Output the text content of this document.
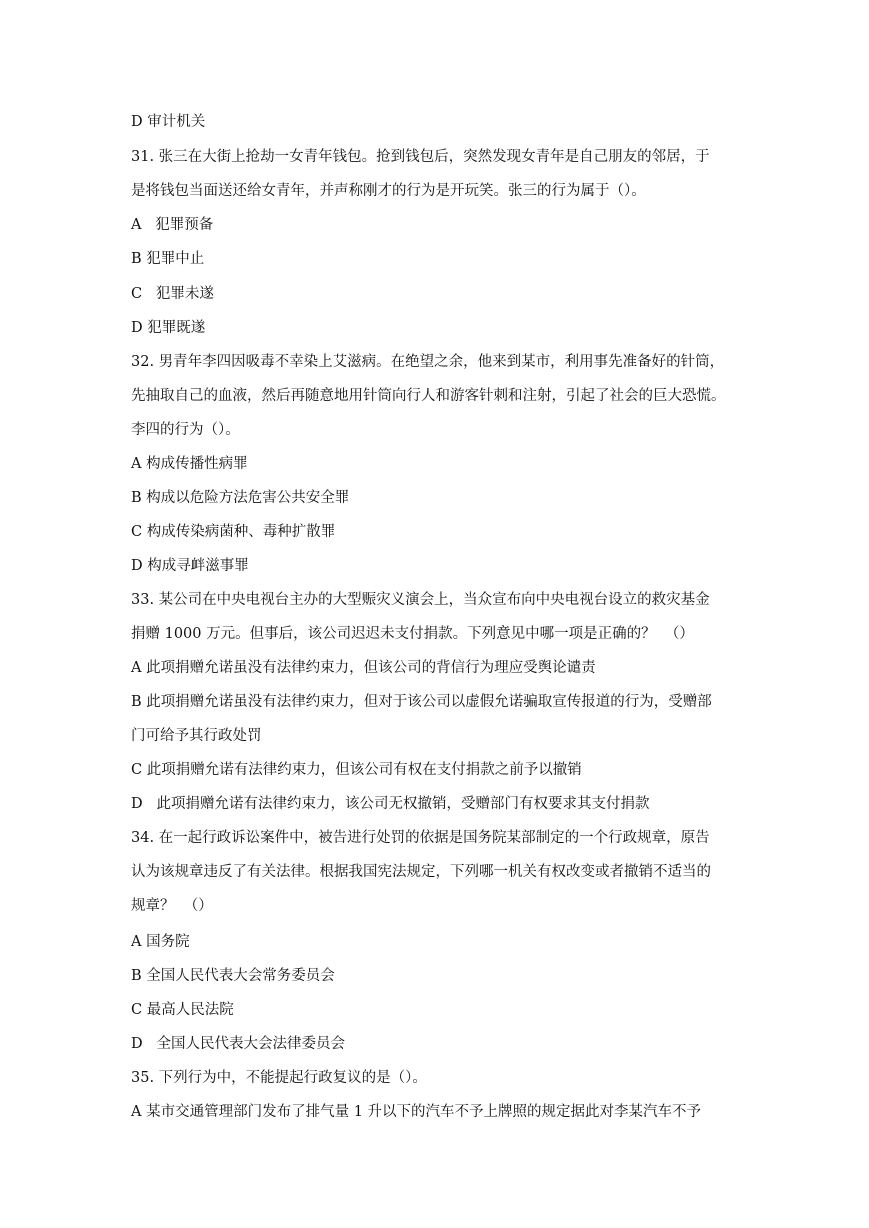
D 审计机关
31. 张三在大街上抢劫一女青年钱包。抢到钱包后，突然发现女青年是自己朋友的邻居，于
是将钱包当面送还给女青年，并声称刚才的行为是开玩笑。张三的行为属于（）。
A   犯罪预备
B 犯罪中止
C   犯罪未遂
D 犯罪既遂
32. 男青年李四因吸毒不幸染上艾滋病。在绝望之余，他来到某市，利用事先准备好的针筒，
先抽取自己的血液，然后再随意地用针筒向行人和游客针刺和注射，引起了社会的巨大恐慌。
李四的行为（）。
A 构成传播性病罪
B 构成以危险方法危害公共安全罪
C 构成传染病菌种、毒种扩散罪
D 构成寻衅滋事罪
33. 某公司在中央电视台主办的大型赈灾义演会上，当众宣布向中央电视台设立的救灾基金
捐赠 1000 万元。但事后，该公司迟迟未支付捐款。下列意见中哪一项是正确的？  （）
A 此项捐赠允诺虽没有法律约束力，但该公司的背信行为理应受舆论谴责
B 此项捐赠允诺虽没有法律约束力，但对于该公司以虚假允诺骗取宣传报道的行为，受赠部
门可给予其行政处罚
C 此项捐赠允诺有法律约束力，但该公司有权在支付捐款之前予以撤销
D   此项捐赠允诺有法律约束力，该公司无权撤销，受赠部门有权要求其支付捐款
34. 在一起行政诉讼案件中，被告进行处罚的依据是国务院某部制定的一个行政规章，原告
认为该规章违反了有关法律。根据我国宪法规定，下列哪一机关有权改变或者撤销不适当的
规章？  （）
A 国务院
B 全国人民代表大会常务委员会
C 最高人民法院
D   全国人民代表大会法律委员会
35. 下列行为中，不能提起行政复议的是（）。
A 某市交通管理部门发布了排气量 1 升以下的汽车不予上牌照的规定据此对李某汽车不予
